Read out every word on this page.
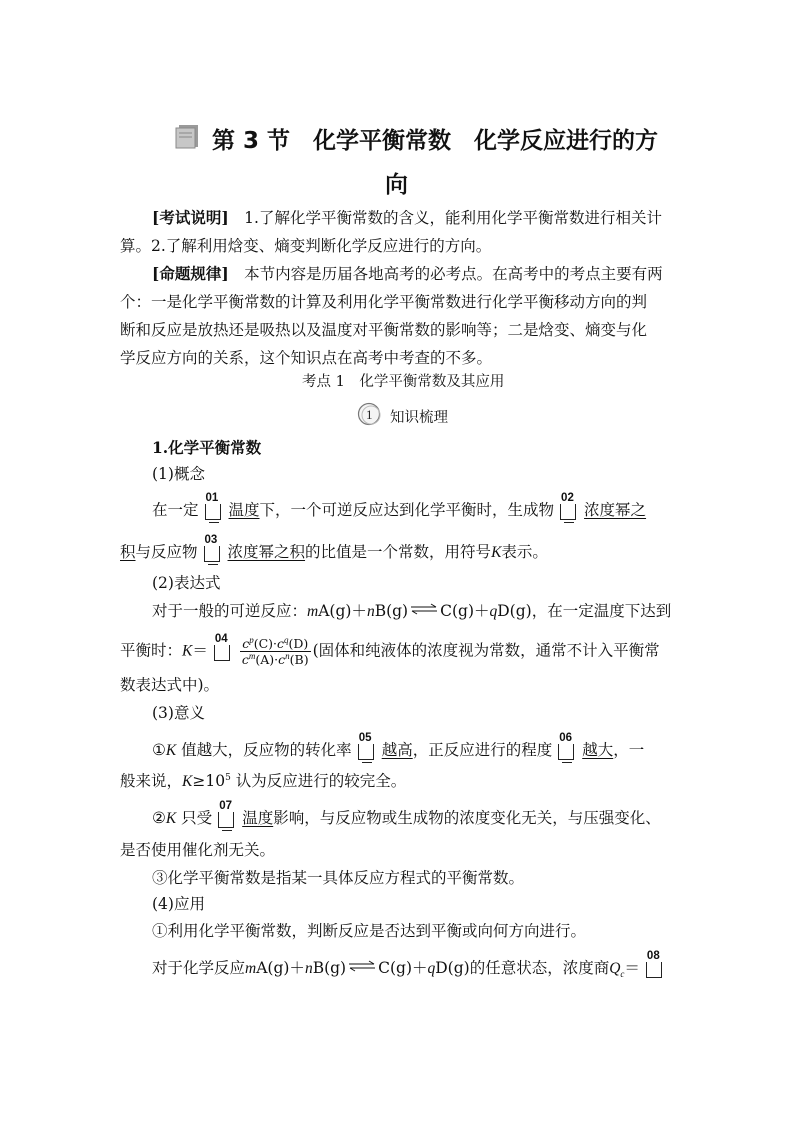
第 3 节　化学平衡常数　化学反应进行的方
向
[考试说明]　1.了解化学平衡常数的含义，能利用化学平衡常数进行相关计
算。2.了解利用焓变、熵变判断化学反应进行的方向。
[命题规律]　本节内容是历届各地高考的必考点。在高考中的考点主要有两
个：一是化学平衡常数的计算及利用化学平衡常数进行化学平衡移动方向的判
断和反应是放热还是吸热以及温度对平衡常数的影响等；二是焓变、熵变与化
学反应方向的关系，这个知识点在高考中考查的不多。
考点 1　化学平衡常数及其应用
1 知识梳理
1.化学平衡常数
(1)概念
在一定
01
温度下，一个可逆反应达到化学平衡时，生成物
02
浓度幂之
积与反应物
03
浓度幂之积的比值是一个常数，用符号K表示。
(2)表达式
对于一般的可逆反应：mA(g)＋nB(g)⇌C(g)＋qD(g)，在一定温度下达到
平衡时：K＝
$04 \frac{c^p(C)\cdot c^q(D)}{c^m(A)\cdot c^n(B)}$ (固体和纯液体的浓度视为常数，通常不计入平衡常
数表达式中)。
(3)意义
①K 值越大，反应物的转化率
05
越高，正反应进行的程度
06
越大，一
般来说，$K\ge 10^5$ 认为反应进行的较完全。
②K 只受
07
温度影响，与反应物或生成物的浓度变化无关，与压强变化、
是否使用催化剂无关。
③化学平衡常数是指某一具体反应方程式的平衡常数。
(4)应用
①利用化学平衡常数，判断反应是否达到平衡或向何方向进行。
对于化学反应mA(g)＋nB(g)⇌C(g)＋qD(g)的任意状态，浓度商$Q_c=$
08
